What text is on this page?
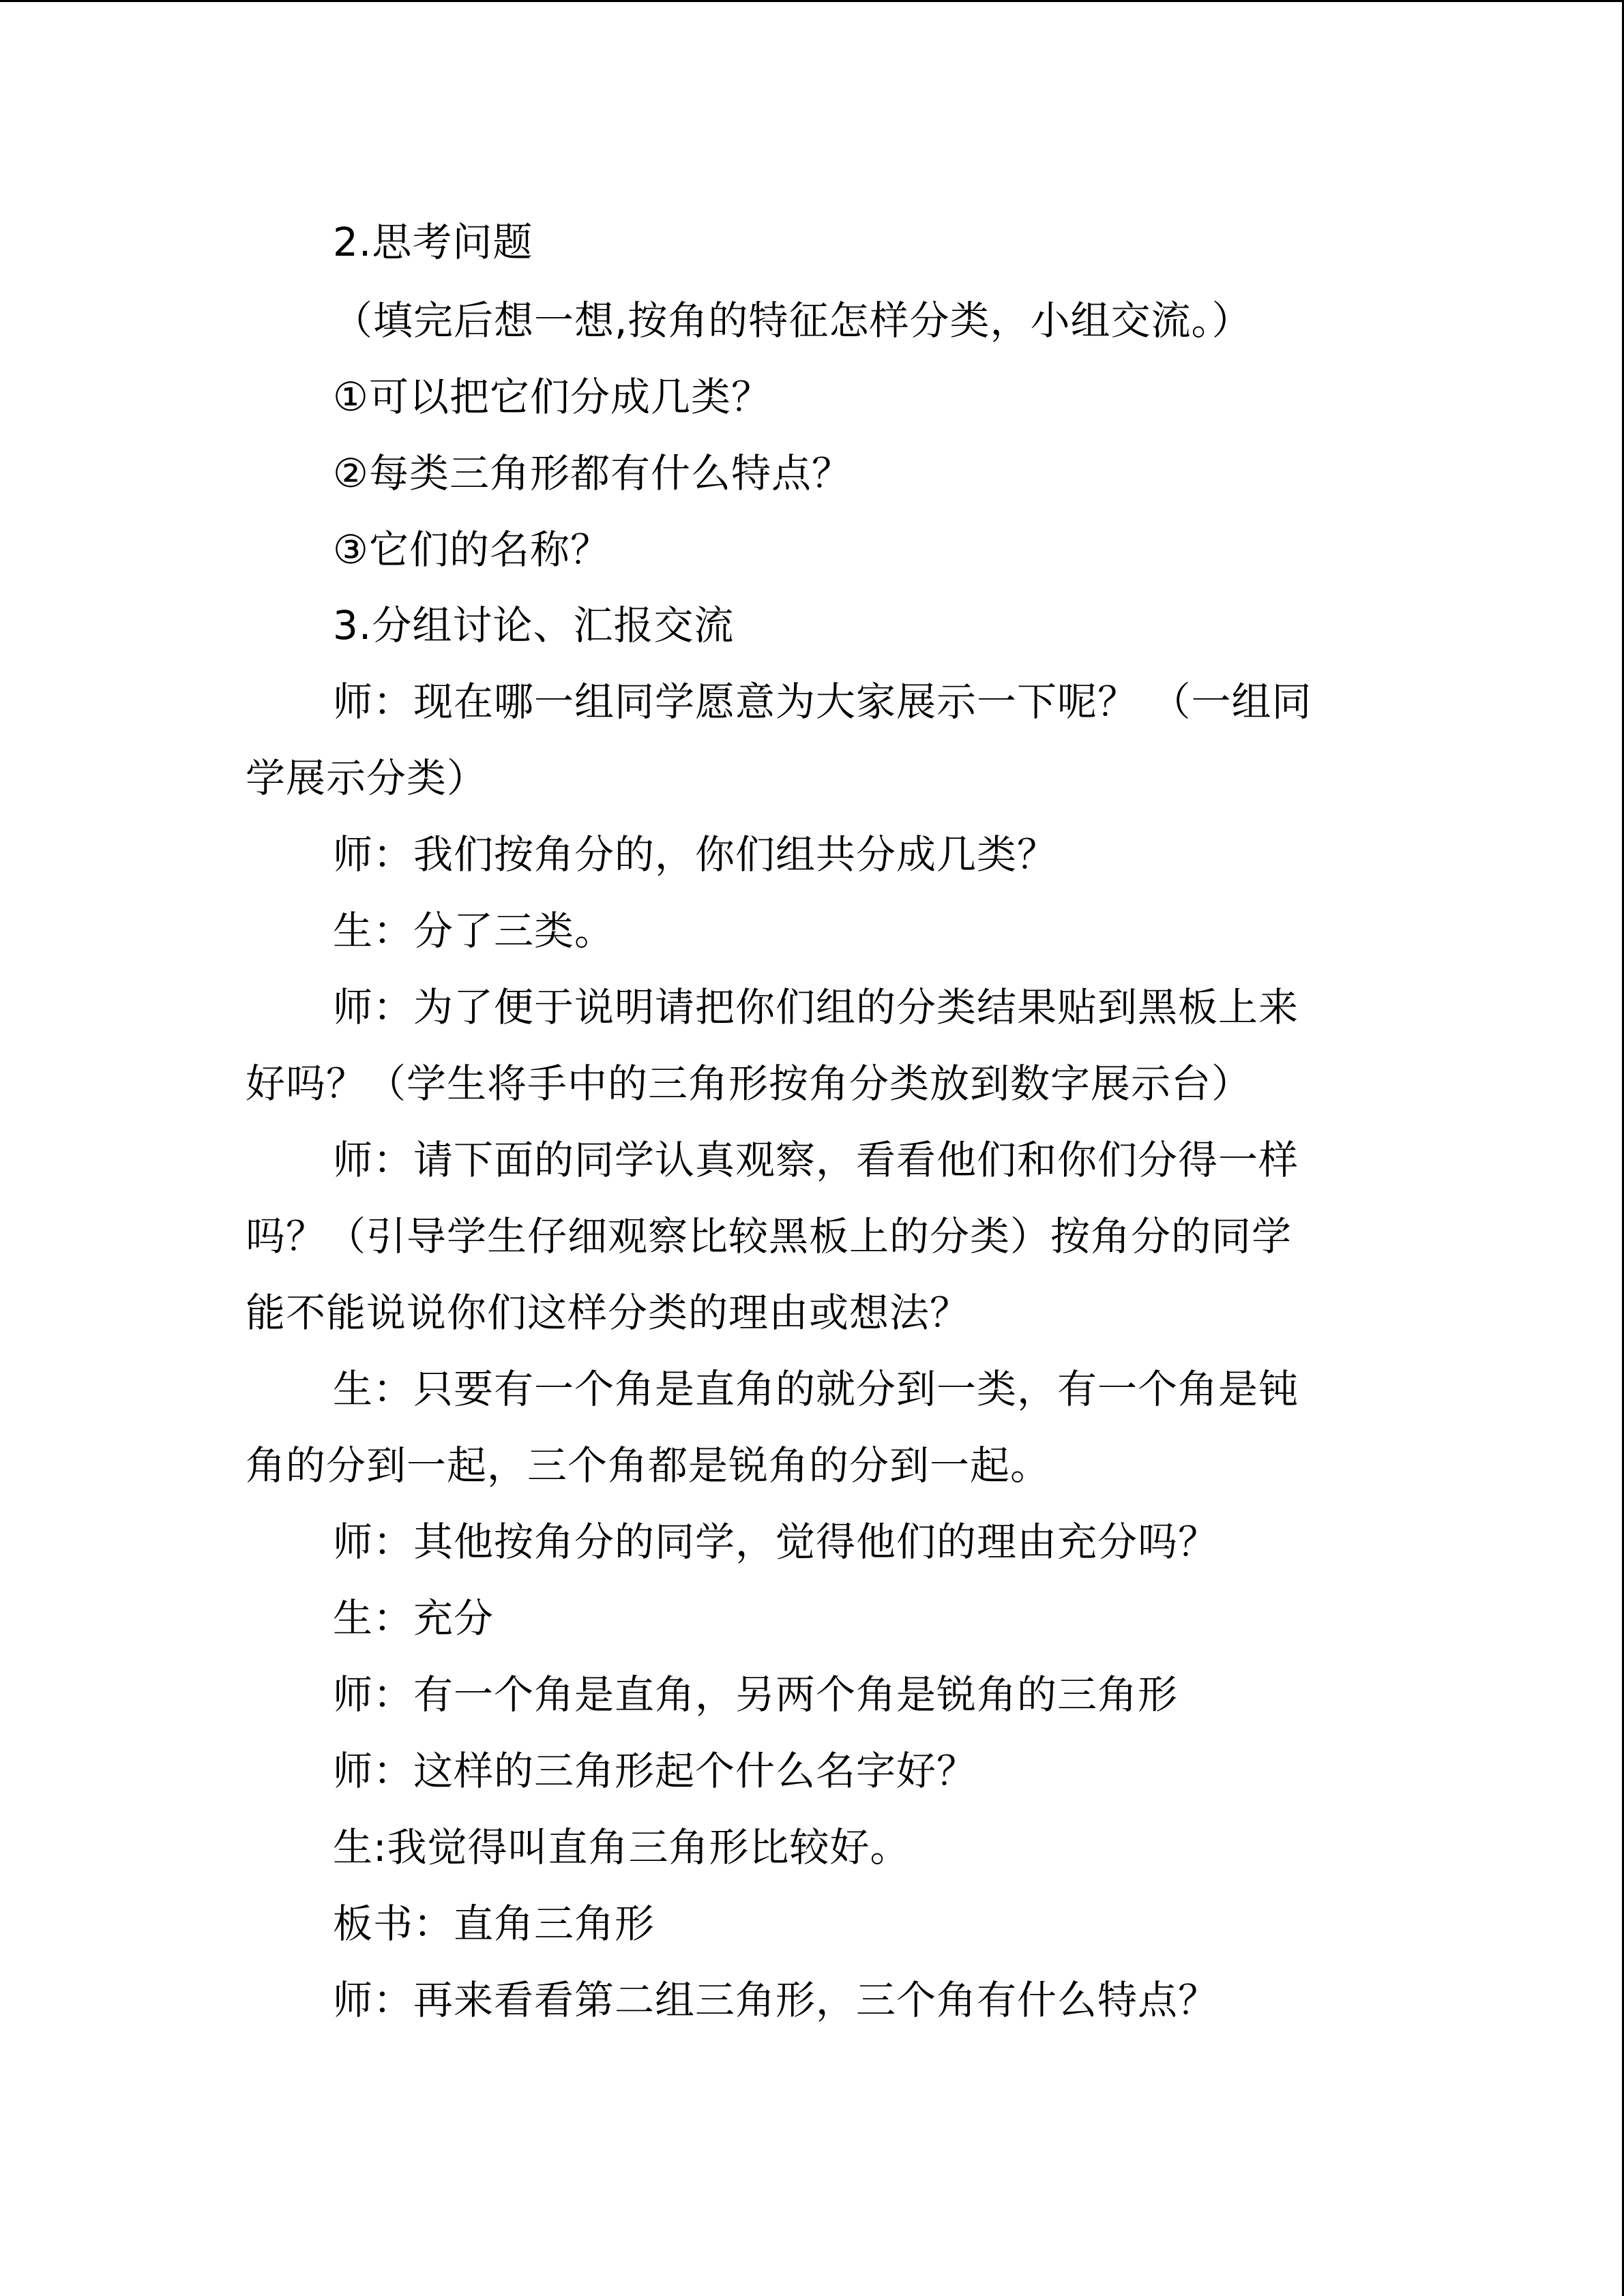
2.思考问题
（填完后想一想,按角的特征怎样分类，小组交流。）
①可以把它们分成几类？
②每类三角形都有什么特点？
③它们的名称？
3.分组讨论、汇报交流
师：现在哪一组同学愿意为大家展示一下呢？ （一组同
学展示分类）
师：我们按角分的，你们组共分成几类？
生：分了三类。
师：为了便于说明请把你们组的分类结果贴到黑板上来
好吗？（学生将手中的三角形按角分类放到数字展示台）
师：请下面的同学认真观察，看看他们和你们分得一样
吗？（引导学生仔细观察比较黑板上的分类）按角分的同学
能不能说说你们这样分类的理由或想法？
生：只要有一个角是直角的就分到一类，有一个角是钝
角的分到一起，三个角都是锐角的分到一起。
师：其他按角分的同学，觉得他们的理由充分吗？
生：充分
师：有一个角是直角，另两个角是锐角的三角形
师：这样的三角形起个什么名字好？
生:我觉得叫直角三角形比较好。
板书：直角三角形
师：再来看看第二组三角形，三个角有什么特点？
